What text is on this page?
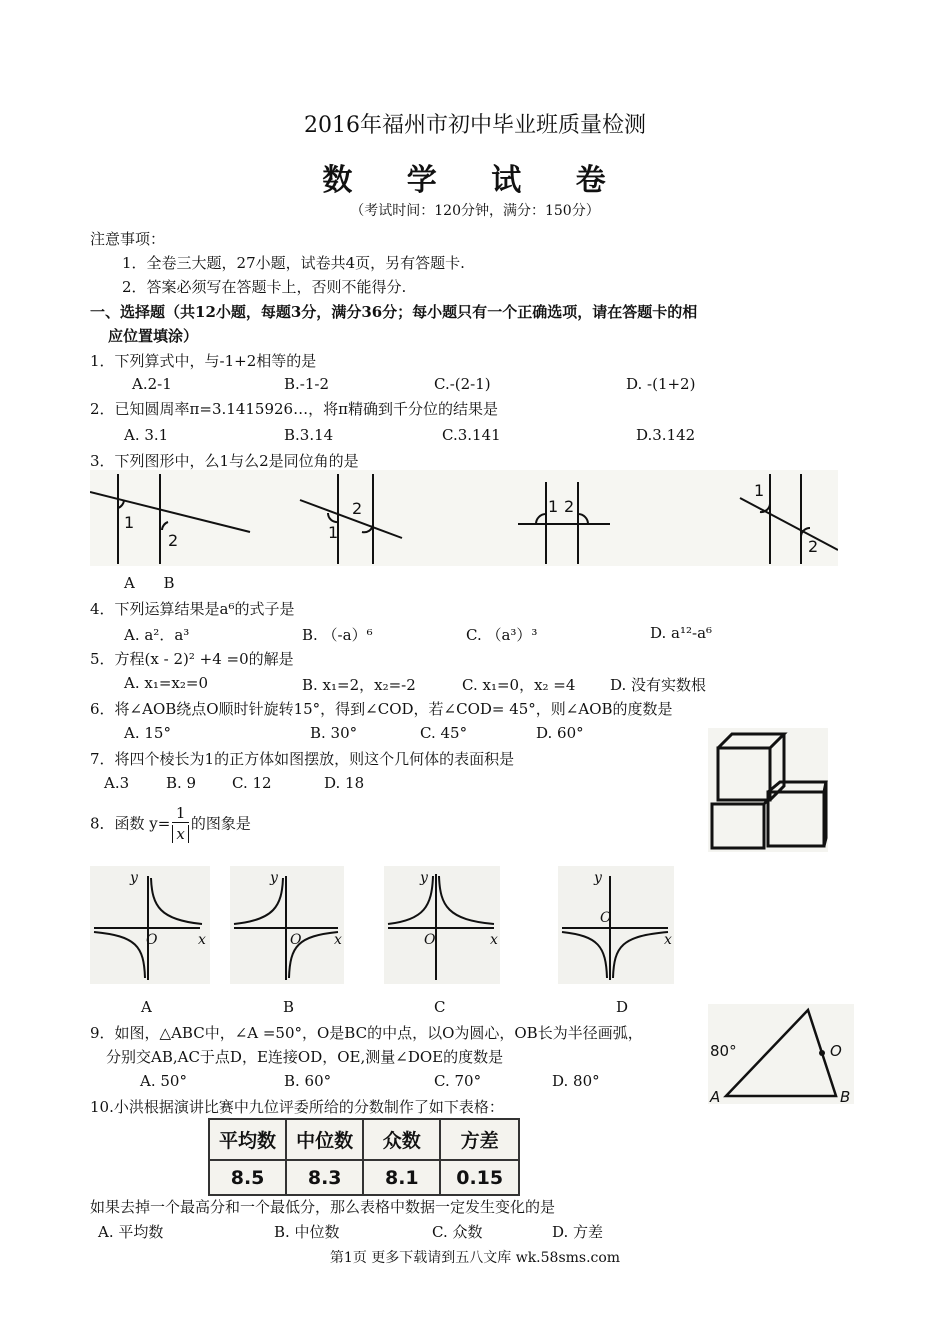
2016年福州市初中毕业班质量检测
数 学 试 卷
（考试时间：120分钟，满分：150分）
注意事项：
1．全卷三大题，27小题，试卷共4页，另有答题卡.
2．答案必须写在答题卡上，否则不能得分.
一、选择题（共12小题，每题3分，满分36分；每小题只有一个正确选项，请在答题卡的相
应位置填涂）
1．下列算式中，与-1+2相等的是
A.2-1	B.-1-2	C.-(2-1)	D. -(1+2)
2．已知圆周率π=3.1415926…，将π精确到千分位的结果是
A. 3.1	B.3.14	C.3.141	D.3.142
3．下列图形中，么1与么2是同位角的是
1
2	1
2	1 2
1
2
A      B
4．下列运算结果是a⁶的式子是
A. a²．a³	B. （-a）⁶	C. （a³）³	D. a¹²-a⁶
5．方程(x - 2)² +4 =0的解是
A. x₁=x₂=0	B. x₁=2，x₂=-2	C. x₁=0，x₂ =4 D. 没有实数根
6．将∠AOB绕点O顺时针旋转15°，得到∠COD，若∠COD= 45°，则∠AOB的度数是
A. 15°	B. 30°	C. 45°	D. 60°
7．将四个棱长为1的正方体如图摆放，则这个几何体的表面积是
A.3 B. 9 C. 12	D. 18
8．函数 $y= \frac{1}{x}$ 的图象是
y
x
O
y
x
O
y
x
O
y
x
O
A	B	C	D
80°	O
A	B
9．如图，△ABC中，∠A =50°，O是BC的中点，以O为圆心，OB长为半径画弧，
分别交AB,AC于点D，E连接OD，OE,测量∠DOE的度数是
A. 50°	B. 60°	C. 70°	D. 80°
10.小洪根据演讲比赛中九位评委所给的分数制作了如下表格：
平均数	中位数	众数	方差
8.5	8.3	8.1	0.15
如果去掉一个最高分和一个最低分，那么表格中数据一定发生变化的是
A. 平均数	B. 中位数	C. 众数	D. 方差
第1页 更多下载请到五八文库 wk.58sms.com
